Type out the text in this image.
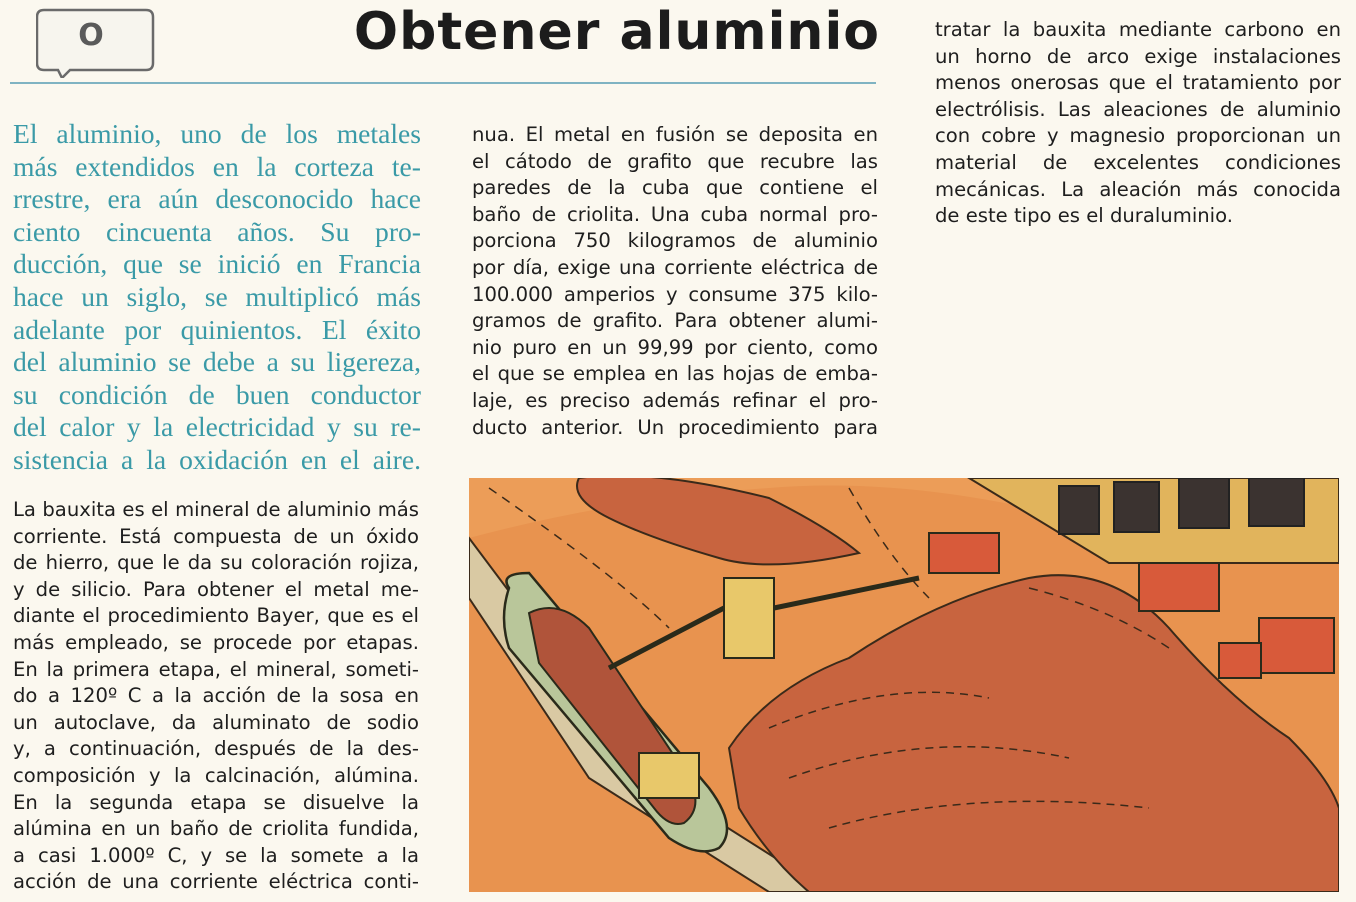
O	Obtener aluminio
El aluminio, uno de los metales
más extendidos en la corteza te-
rrestre, era aún desconocido hace
ciento cincuenta años. Su pro-
ducción, que se inició en Francia
hace un siglo, se multiplicó más
adelante por quinientos. El éxito
del aluminio se debe a su ligereza,
su condición de buen conductor
del calor y la electricidad y su re-
sistencia a la oxidación en el aire.
La bauxita es el mineral de aluminio más
corriente. Está compuesta de un óxido
de hierro, que le da su coloración rojiza,
y de silicio. Para obtener el metal me-
diante el procedimiento Bayer, que es el
más empleado, se procede por etapas.
En la primera etapa, el mineral, someti-
do a 120º C a la acción de la sosa en
un autoclave, da aluminato de sodio
y, a continuación, después de la des-
composición y la calcinación, alúmina.
En la segunda etapa se disuelve la
alúmina en un baño de criolita fundida,
a casi 1.000º C, y se la somete a la
acción de una corriente eléctrica conti-
nua. El metal en fusión se deposita en
el cátodo de grafito que recubre las
paredes de la cuba que contiene el
baño de criolita. Una cuba normal pro-
porciona 750 kilogramos de aluminio
por día, exige una corriente eléctrica de
100.000 amperios y consume 375 kilo-
gramos de grafito. Para obtener alumi-
nio puro en un 99,99 por ciento, como
el que se emplea en las hojas de emba-
laje, es preciso además refinar el pro-
ducto anterior. Un procedimiento para
tratar la bauxita mediante carbono en
un horno de arco exige instalaciones
menos onerosas que el tratamiento por
electrólisis. Las aleaciones de aluminio
con cobre y magnesio proporcionan un
material de excelentes condiciones
mecánicas. La aleación más conocida
de este tipo es el duraluminio.
